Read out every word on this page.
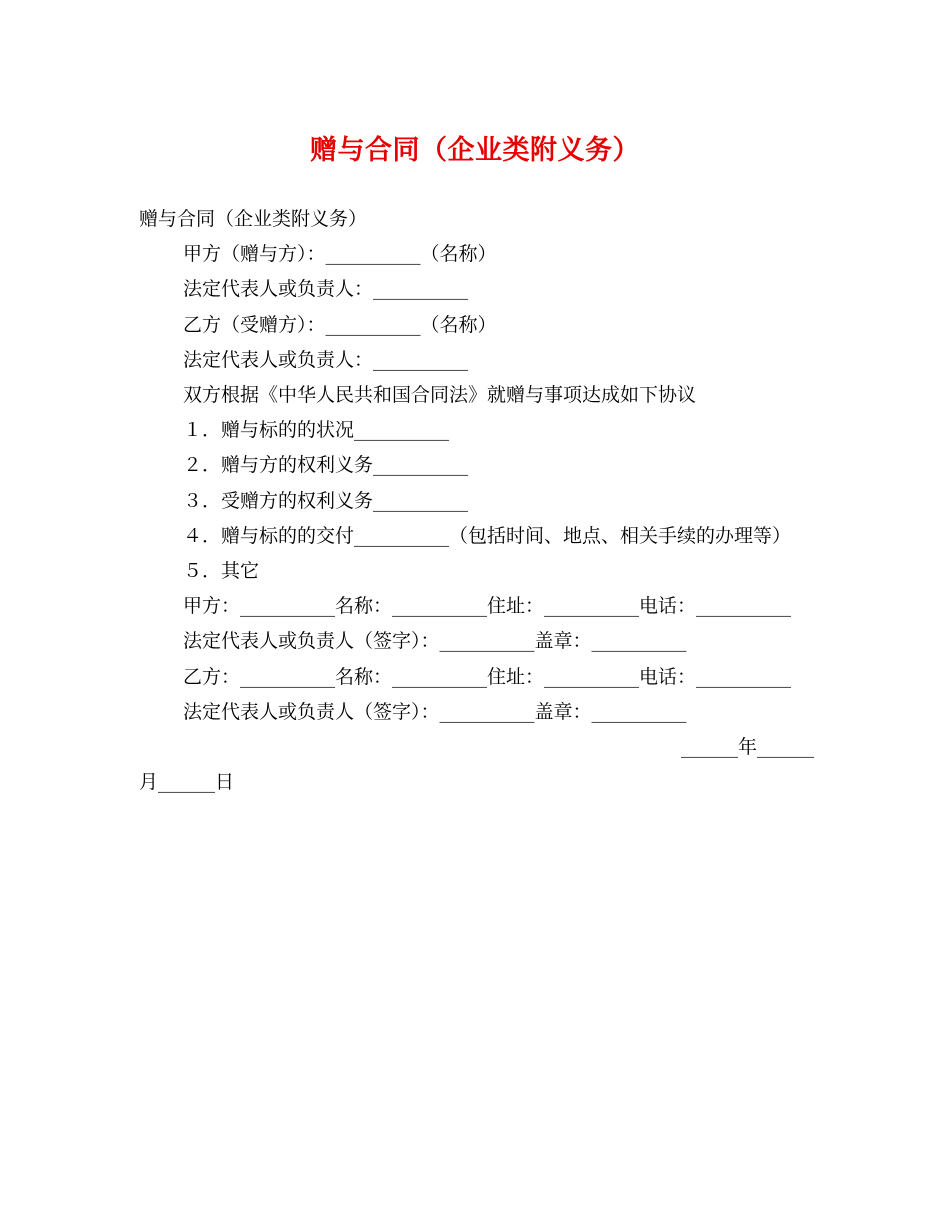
赠与合同（企业类附义务）
赠与合同（企业类附义务）
甲方（赠与方）：__________（名称）
法定代表人或负责人：__________
乙方（受赠方）：__________（名称）
法定代表人或负责人：__________
双方根据《中华人民共和国合同法》就赠与事项达成如下协议
１．赠与标的的状况__________
２．赠与方的权利义务__________
３．受赠方的权利义务__________
４．赠与标的的交付__________（包括时间、地点、相关手续的办理等）
５．其它
甲方：__________名称：__________住址：__________电话：__________
法定代表人或负责人（签字）：__________盖章：__________
乙方：__________名称：__________住址：__________电话：__________
法定代表人或负责人（签字）：__________盖章：__________
______年______
月______日
